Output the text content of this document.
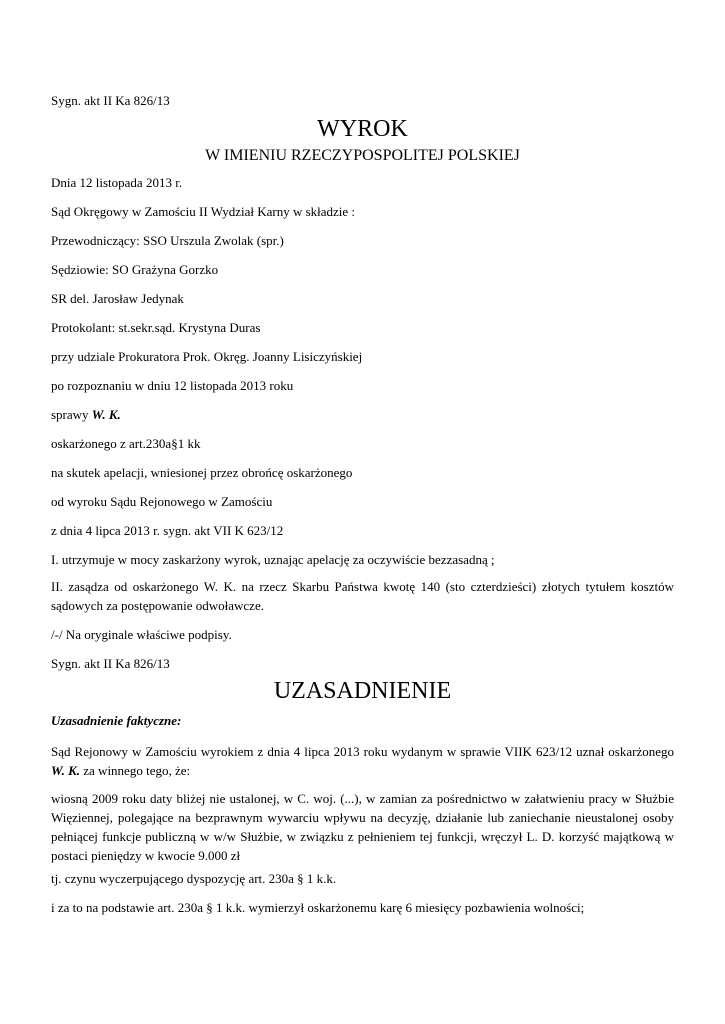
Sygn. akt II Ka 826/13
WYROK
W IMIENIU RZECZYPOSPOLITEJ POLSKIEJ
Dnia 12 listopada 2013 r.
Sąd Okręgowy w Zamościu II Wydział Karny w składzie :
Przewodniczący: SSO Urszula Zwolak (spr.)
Sędziowie: SO Grażyna Gorzko
SR del. Jarosław Jedynak
Protokolant: st.sekr.sąd. Krystyna Duras
przy udziale Prokuratora Prok. Okręg. Joanny Lisiczyńskiej
po rozpoznaniu w dniu 12 listopada 2013 roku
sprawy W. K.
oskarżonego z art.230a§1 kk
na skutek apelacji, wniesionej przez obrońcę oskarżonego
od wyroku Sądu Rejonowego w Zamościu
z dnia 4 lipca 2013 r. sygn. akt VII K 623/12
I. utrzymuje w mocy zaskarżony wyrok, uznając apelację za oczywiście bezzasadną ;
II. zasądza od oskarżonego W. K. na rzecz Skarbu Państwa kwotę 140 (sto czterdzieści) złotych tytułem kosztów sądowych za postępowanie odwoławcze.
/-/ Na oryginale właściwe podpisy.
Sygn. akt II Ka 826/13
UZASADNIENIE
Uzasadnienie faktyczne:
Sąd Rejonowy w Zamościu wyrokiem z dnia 4 lipca 2013 roku wydanym w sprawie VIIK 623/12 uznał oskarżonego W. K. za winnego tego, że:
wiosną 2009 roku daty bliżej nie ustalonej, w C. woj. (...), w zamian za pośrednictwo w załatwieniu pracy w Służbie Więziennej, polegające na bezprawnym wywarciu wpływu na decyzję, działanie lub zaniechanie nieustalonej osoby pełniącej funkcje publiczną w w/w Służbie, w związku z pełnieniem tej funkcji, wręczył L. D. korzyść majątkową w postaci pieniędzy w kwocie 9.000 zł
tj. czynu wyczerpującego dyspozycję art. 230a § 1 k.k.
i za to na podstawie art. 230a § 1 k.k. wymierzył oskarżonemu karę 6 miesięcy pozbawienia wolności;
